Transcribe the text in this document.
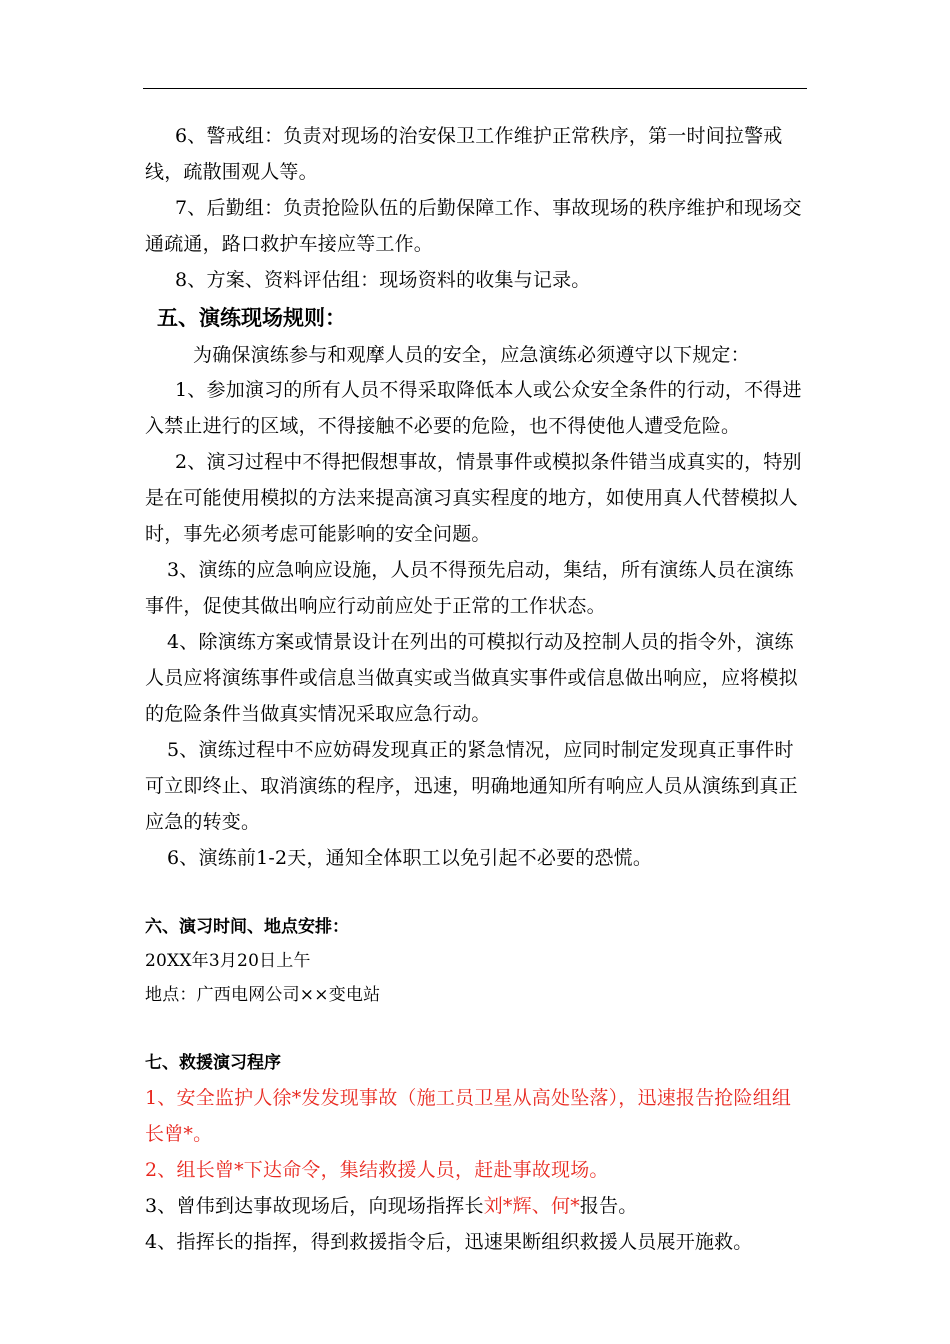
6、警戒组：负责对现场的治安保卫工作维护正常秩序，第一时间拉警戒线，疏散围观人等。

7、后勤组：负责抢险队伍的后勤保障工作、事故现场的秩序维护和现场交通疏通，路口救护车接应等工作。

8、方案、资料评估组：现场资料的收集与记录。

五、演练现场规则：

为确保演练参与和观摩人员的安全，应急演练必须遵守以下规定：

1、参加演习的所有人员不得采取降低本人或公众安全条件的行动，不得进入禁止进行的区域，不得接触不必要的危险，也不得使他人遭受危险。

2、演习过程中不得把假想事故，情景事件或模拟条件错当成真实的，特别是在可能使用模拟的方法来提高演习真实程度的地方，如使用真人代替模拟人时，事先必须考虑可能影响的安全问题。

3、演练的应急响应设施，人员不得预先启动，集结，所有演练人员在演练事件，促使其做出响应行动前应处于正常的工作状态。

4、除演练方案或情景设计在列出的可模拟行动及控制人员的指令外，演练人员应将演练事件或信息当做真实或当做真实事件或信息做出响应，应将模拟的危险条件当做真实情况采取应急行动。

5、演练过程中不应妨碍发现真正的紧急情况，应同时制定发现真正事件时可立即终止、取消演练的程序，迅速，明确地通知所有响应人员从演练到真正应急的转变。

6、演练前1-2天，通知全体职工以免引起不必要的恐慌。

六、演习时间、地点安排：

20XX年3月20日上午

地点：广西电网公司××变电站

七、救援演习程序

1、安全监护人徐*发发现事故（施工员卫星从高处坠落），迅速报告抢险组组长曾*。

2、组长曾*下达命令，集结救援人员，赶赴事故现场。

3、曾伟到达事故现场后，向现场指挥长刘*辉、何*报告。

4、指挥长的指挥，得到救援指令后，迅速果断组织救援人员展开施救。
